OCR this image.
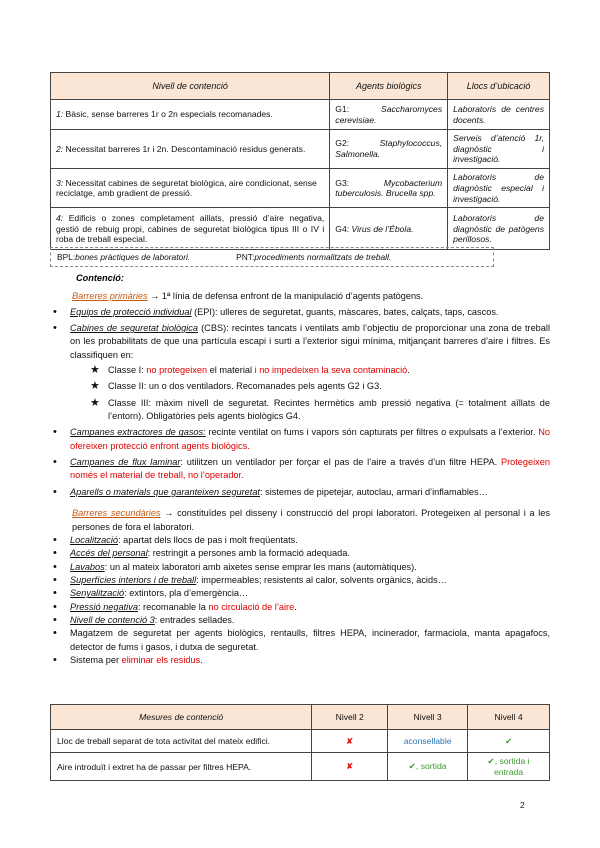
Nivell de contenció	Agents biològics	Llocs d’ubicació
1: Bàsic, sense barreres 1r o 2n especials recomanades.	G1: Saccharomyces cerevisiae.	Laboratoris de centres docents.
2: Necessitat barreres 1r i 2n. Descontaminació residus generats.	G2: Staphylococcus, Salmonella.	Serveis d’atenció 1r, diagnòstic i investigació.
3: Necessitat cabines de seguretat biològica, aire condicionat, sense reciclatge, amb gradient de pressió.	G3: Mycobacterium tuberculosis. Brucella spp.	Laboratoris de diagnòstic especial i investigació.
4: Edificis o zones completament aillats, pressió d’aire negativa, gestió de rebuig propi, cabines de seguretat biològica tipus III o IV i roba de treball especial.	G4: Virus de l’Ébola.	Laboratoris de diagnòstic de patògens perillosos.
BPL: bones pràctiques de laboratori.	PNT: procediments normalitzats de treball.
Contenció:

Barreres primàries → 1ª línia de defensa enfront de la manipulació d’agents patògens.

• Equips de protecció individual (EPI): ulleres de seguretat, guants, màscares, bates, calçats, taps, cascos.
• Cabines de seguretat biològica (CBS): recintes tancats i ventilats amb l’objectiu de proporcionar una zona de treball on les probabilitats de que una partícula escapi i surti a l’exterior sigui mínima, mitjançant barreres d’aire i filtres. Es classifiquen en:
★ Classe I: no protegeixen el material i no impedeixen la seva contaminació.
★ Classe II: un o dos ventiladors. Recomanades pels agents G2 i G3.
★ Classe III: màxim nivell de seguretat. Recintes hermètics amb pressió negativa (= totalment aïllats de l’entorn). Obligatòries pels agents biològics G4.
• Campanes extractores de gasos: recinte ventilat on fums i vapors són capturats per filtres o expulsats a l’exterior. No ofereixen protecció enfront agents biològics.
• Campanes de flux laminar: utilitzen un ventilador per forçar el pas de l’aire a través d’un filtre HEPA. Protegeixen només el material de treball, no l’operador.
• Aparells o materials que garanteixen seguretat: sistemes de pipetejar, autoclau, armari d’inflamables…

Barreres secundàries → constituïdes pel disseny i construcció del propi laboratori. Protegeixen al personal i a les persones de fora el laboratori.

• Localització: apartat dels llocs de pas i molt freqüentats.
• Accés del personal: restringit a persones amb la formació adequada.
• Lavabos: un al mateix laboratori amb aixetes sense emprar les mans (automàtiques).
• Superfícies interiors i de treball: impermeables; resistents al calor, solvents orgànics, àcids…
• Senyalització: extintors, pla d’emergència…
• Pressió negativa: recomanable la no circulació de l’aire.
• Nivell de contenció 3: entrades sellades.
• Magatzem de seguretat per agents biològics, rentaulls, filtres HEPA, incinerador, farmaciola, manta apagafocs, detector de fums i gasos, i dutxa de seguretat.
• Sistema per eliminar els residus.
Mesures de contenció	Nivell 2	Nivell 3	Nivell 4
Lloc de treball separat de tota activitat del mateix edifici.	✘	aconsellable	✔
Aire introduït i extret ha de passar per filtres HEPA.	✘	✔, sortida	✔, sortida i entrada
2
